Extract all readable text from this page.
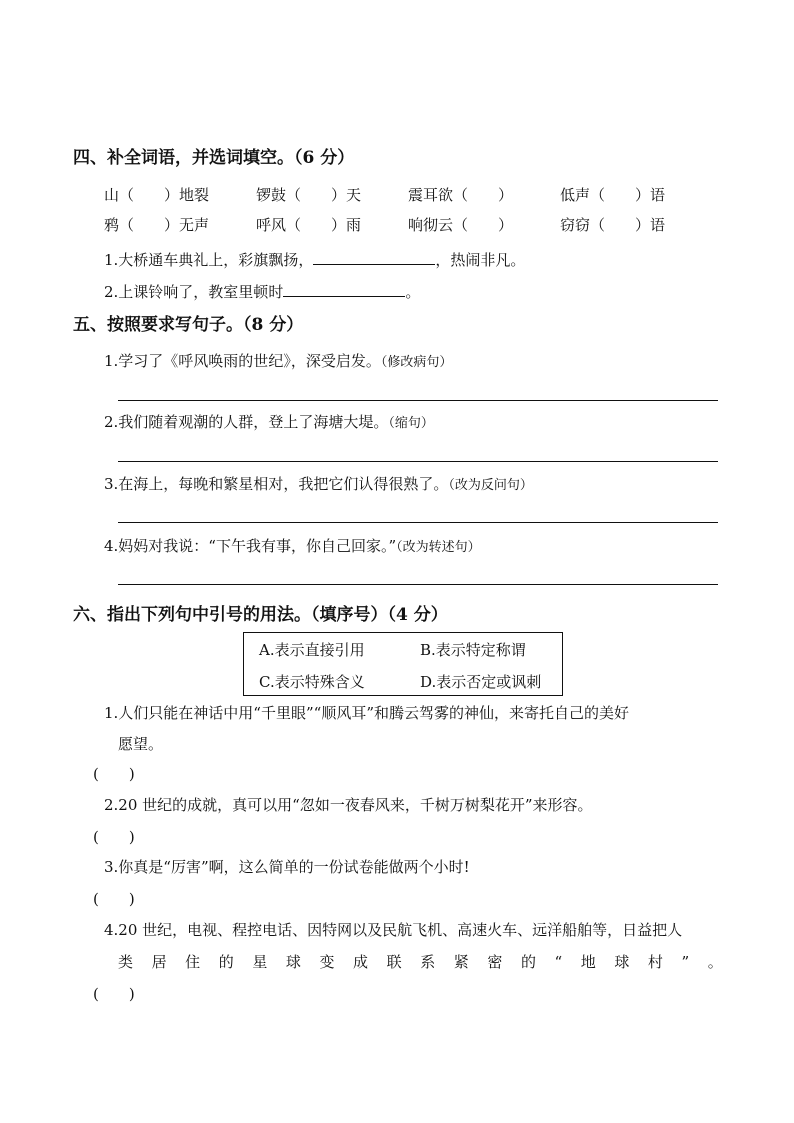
四、补全词语，并选词填空。（6 分）
山（　　）地裂	锣鼓（　　）天	震耳欲（　　）	低声（　　）语
鸦（　　）无声	呼风（　　）雨	响彻云（　　）	窃窃（　　）语
1.大桥通车典礼上，彩旗飘扬，	，热闹非凡。
2.上课铃响了，教室里顿时	。
五、按照要求写句子。（8 分）
1.学习了《呼风唤雨的世纪》，深受启发。（修改病句）
2.我们随着观潮的人群，登上了海塘大堤。（缩句）
3.在海上，每晚和繁星相对，我把它们认得很熟了。（改为反问句）
4.妈妈对我说：“下午我有事，你自己回家。”（改为转述句）
六、指出下列句中引号的用法。（填序号）（4 分）
A.表示直接引用	B.表示特定称谓
C.表示特殊含义	D.表示否定或讽刺
1.人们只能在神话中用“千里眼”“顺风耳”和腾云驾雾的神仙，来寄托自己的美好
愿望。
(　　)
2.20 世纪的成就，真可以用“忽如一夜春风来，千树万树梨花开”来形容。
(　　)
3.你真是“厉害”啊，这么简单的一份试卷能做两个小时!
(　　)
4.20 世纪，电视、程控电话、因特网以及民航飞机、高速火车、远洋船舶等，日益把人
类 居 住 的 星 球 变 成 联 系 紧 密 的 “ 地 球 村 ” 。
(　　)
